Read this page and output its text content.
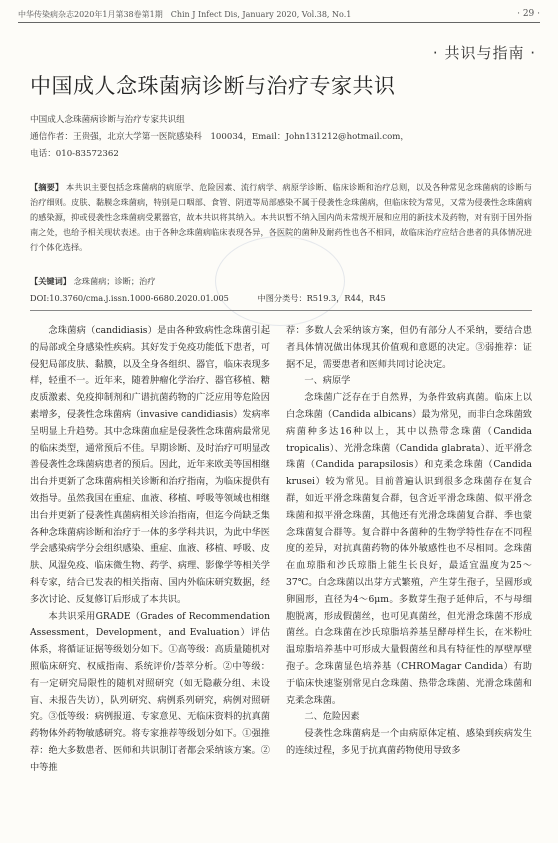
中华传染病杂志2020年1月第38卷第1期　Chin J Infect Dis, January 2020, Vol.38, No.1	· 29 ·
· 共识与指南 ·
中国成人念珠菌病诊断与治疗专家共识
中国成人念珠菌病诊断与治疗专家共识组
通信作者：王贵强，北京大学第一医院感染科　100034，Email：John131212@hotmail.com，
电话：010-83572362
【摘要】 本共识主要包括念珠菌病的病原学、危险因素、流行病学、病原学诊断、临床诊断和治疗总则，以及各种常见念珠菌病的诊断与治疗细则。皮肤、黏膜念珠菌病，特别是口咽部、食管、阴道等局部感染不属于侵袭性念珠菌病，但临床较为常见，又常为侵袭性念珠菌病的感染源，抑或侵袭性念珠菌病受累器官，故本共识将其纳入。本共识暂不纳入国内尚未常规开展和应用的新技术及药物，对有别于国外指南之处，也给予相关现状表述。由于各种念珠菌病临床表现各异，各医院的菌种及耐药性也各不相同，故临床治疗应结合患者的具体情况进行个体化选择。
【关键词】 念珠菌病；诊断；治疗
DOI:10.3760/cma.j.issn.1000-6680.2020.01.005	中图分类号：R519.3，R44，R45

念珠菌病（candidiasis）是由各种致病性念珠菌引起的局部或全身感染性疾病。其好发于免疫功能低下患者，可侵犯局部皮肤、黏膜，以及全身各组织、器官，临床表现多样，轻重不一。近年来，随着肿瘤化学治疗、器官移植、糖皮质激素、免疫抑制剂和广谱抗菌药物的广泛应用等危险因素增多，侵袭性念珠菌病（invasive candidiasis）发病率呈明显上升趋势。其中念珠菌血症是侵袭性念珠菌病最常见的临床类型，通常预后不佳。早期诊断、及时治疗可明显改善侵袭性念珠菌病患者的预后。因此，近年来欧美等国相继出台并更新了念珠菌病相关诊断和治疗指南，为临床提供有效指导。虽然我国在重症、血液、移植、呼吸等领域也相继出台并更新了侵袭性真菌病相关诊治指南，但迄今尚缺乏集各种念珠菌病诊断和治疗于一体的多学科共识，为此中华医学会感染病学分会组织感染、重症、血液、移植、呼吸、皮肤、风湿免疫、临床微生物、药学、病理、影像学等相关学科专家，结合已发表的相关指南、国内外临床研究数据，经多次讨论、反复修订后形成了本共识。

本共识采用GRADE（Grades of Recommendation Assessment，Development，and Evaluation）评估体系，将循证证据等级划分如下。①高等级：高质量随机对照临床研究、权威指南、系统评价/荟萃分析。②中等级：有一定研究局限性的随机对照研究（如无隐蔽分组、未设盲、未报告失访），队列研究、病例系列研究，病例对照研究。③低等级：病例报道、专家意见、无临床资料的抗真菌药物体外药物敏感研究。将专家推荐等级划分如下。①强推荐：绝大多数患者、医师和共识制订者都会采纳该方案。②中等推

荐：多数人会采纳该方案，但仍有部分人不采纳，要结合患者具体情况做出体现其价值观和意愿的决定。③弱推荐：证据不足，需要患者和医师共同讨论决定。

一、病原学

念珠菌广泛存在于自然界，为条件致病真菌。临床上以白念珠菌（Candida albicans）最为常见，而非白念珠菌致病菌种多达16种以上，其中以热带念珠菌（Candida tropicalis）、光滑念珠菌（Candida glabrata）、近平滑念珠菌（Candida parapsilosis）和克柔念珠菌（Candida krusei）较为常见。目前普遍认识到很多念珠菌存在复合群，如近平滑念珠菌复合群，包含近平滑念珠菌、似平滑念珠菌和拟平滑念珠菌，其他还有光滑念珠菌复合群、季也蒙念珠菌复合群等。复合群中各菌种的生物学特性存在不同程度的差异，对抗真菌药物的体外敏感性也不尽相同。念珠菌在血琼脂和沙氏琼脂上能生长良好，最适宜温度为25～37℃。白念珠菌以出芽方式繁殖，产生芽生孢子，呈圆形或卵圆形，直径为4～6μm。多数芽生孢子延伸后，不与母细胞脱离，形成假菌丝，也可见真菌丝，但光滑念珠菌不形成菌丝。白念珠菌在沙氏琼脂培养基呈酵母样生长，在米粉吐温琼脂培养基中可形成大量假菌丝和具有特征性的厚壁厚壁孢子。念珠菌显色培养基（CHROMagar Candida）有助于临床快速鉴别常见白念珠菌、热带念珠菌、光滑念珠菌和克柔念珠菌。

二、危险因素

侵袭性念珠菌病是一个由病原体定植、感染到疾病发生的连续过程，多见于抗真菌药物使用导致多
